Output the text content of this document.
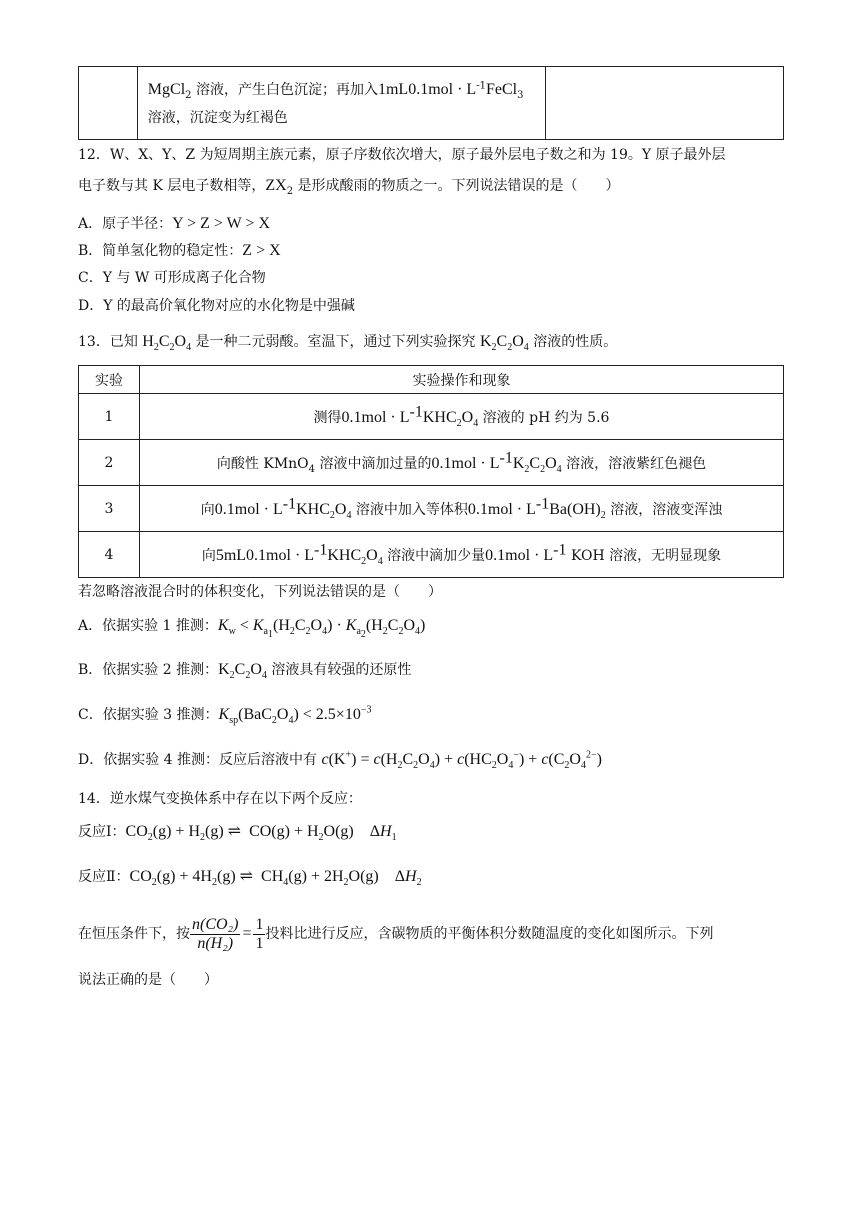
MgCl$_2$ 溶液，产生白色沉淀；再加入$1mL0.1mol \cdot L^{-1}FeCl_3$
溶液，沉淀变为红褐色

12．W、X、Y、Z 为短周期主族元素，原子序数依次增大，原子最外层电子数之和为 19。Y 原子最外层
电子数与其 K 层电子数相等，$ZX_2$ 是形成酸雨的物质之一。下列说法错误的是（　　）
A．原子半径：Y > Z > W > X
B．简单氢化物的稳定性：Z > X
C．Y 与 W 可形成离子化合物
D．Y 的最高价氧化物对应的水化物是中强碱
13．已知 $H_2C_2O_4$ 是一种二元弱酸。室温下，通过下列实验探究 $K_2C_2O_4$ 溶液的性质。
实验	实验操作和现象
1	测得$0.1mol \cdot L^{-1}KHC_2O_4$ 溶液的 pH 约为 5.6
2	向酸性 KMnO$_4$ 溶液中滴加过量的$0.1mol \cdot L^{-1}K_2C_2O_4$ 溶液，溶液紫红色褪色
3	向$0.1mol \cdot L^{-1}KHC_2O_4$ 溶液中加入等体积$0.1mol \cdot L^{-1}Ba(OH)_2$ 溶液，溶液变浑浊
4	向$5mL0.1mol \cdot L^{-1}KHC_2O_4$ 溶液中滴加少量$0.1mol \cdot L^{-1}$ KOH 溶液，无明显现象
若忽略溶液混合时的体积变化，下列说法错误的是（　　）
A．依据实验 1 推测：$K_w < K_{a_1}(H_2C_2O_4) \cdot K_{a_2}(H_2C_2O_4)$
B．依据实验 2 推测：$K_2C_2O_4$ 溶液具有较强的还原性
C．依据实验 3 推测：$K_{sp}(BaC_2O_4) < 2.5\times 10^{-3}$
D．依据实验 4 推测：反应后溶液中有 $c(K^+) = c(H_2C_2O_4) + c(HC_2O_4^-) + c(C_2O_4^{2-})$
14．逆水煤气变换体系中存在以下两个反应：
反应Ⅰ：$CO_2(g) + H_2(g)$ ⇌  $CO(g) + H_2O(g)$    $\Delta H_1$
反应Ⅱ：$CO_2(g) + 4H_2(g)$ ⇌  $CH_4(g) + 2H_2O(g)$    $\Delta H_2$
在恒压条件下，按 $\frac{\text{n(CO₂)}}{\text{n(H₂)}} = \frac{1}{1}$ 投料比进行反应，含碳物质的平衡体积分数随温度的变化如图所示。下列
说法正确的是（　　）
